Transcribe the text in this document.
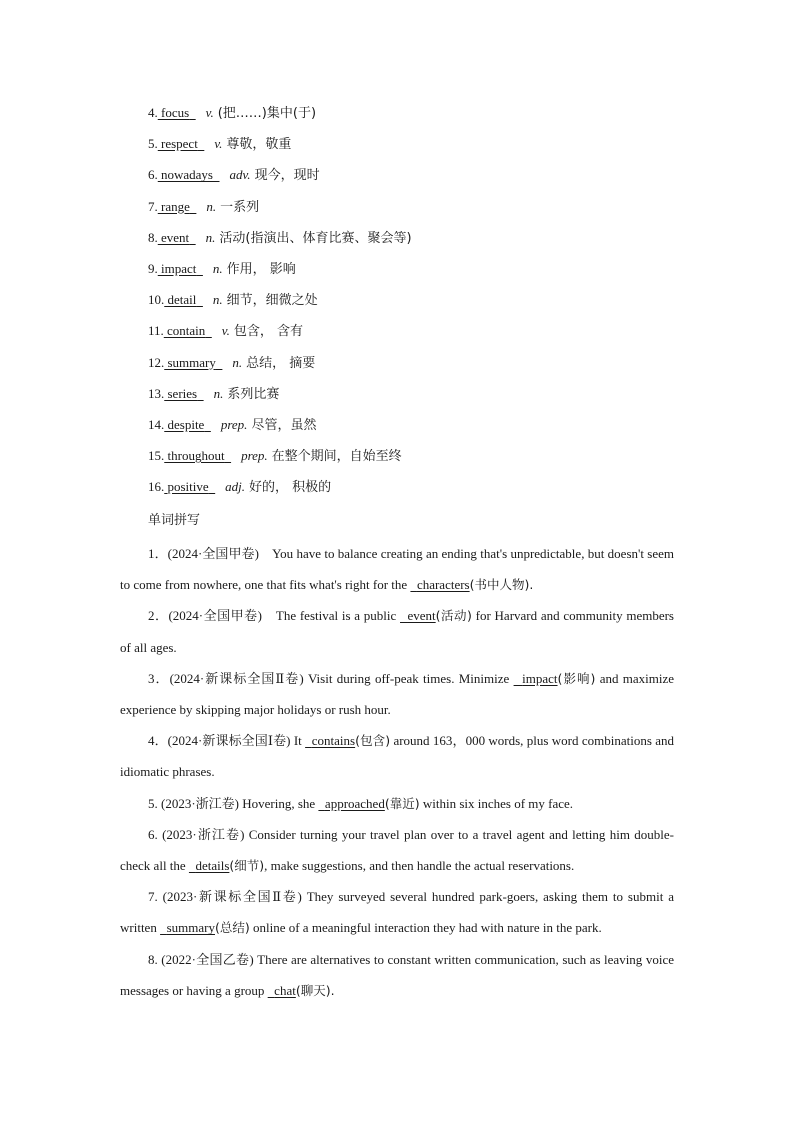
4. focus v. (把……)集中(于)
5. respect v. 尊敬，敬重
6. nowadays adv. 现今，现时
7. range n. 一系列
8. event n. 活动(指演出、体育比赛、聚会等)
9. impact n. 作用， 影响
10. detail n. 细节，细微之处
11. contain v. 包含， 含有
12. summary n. 总结， 摘要
13. series n. 系列比赛
14. despite prep. 尽管，虽然
15. throughout prep. 在整个期间，自始至终
16. positive adj. 好的， 积极的
单词拼写

1．(2024·全国甲卷)　You have to balance creating an ending that's unpredictable, but doesn't seem to come from nowhere, one that fits what's right for the   characters(书中人物).

2．(2024·全国甲卷)　The festival is a public   event(活动) for Harvard and community members of all ages.

3．(2024·新课标全国Ⅱ卷) Visit during off-peak times. Minimize   impact(影响) and maximize experience by skipping major holidays or rush hour.

4．(2024·新课标全国Ⅰ卷) It   contains(包含) around 163，000 words, plus word combinations and idiomatic phrases.

5. (2023·浙江卷) Hovering, she   approached(靠近) within six inches of my face.

6. (2023·浙江卷) Consider turning your travel plan over to a travel agent and letting him double-check all the   details(细节), make suggestions, and then handle the actual reservations.

7. (2023·新课标全国Ⅱ卷) They surveyed several hundred park-goers, asking them to submit a written   summary(总结) online of a meaningful interaction they had with nature in the park.

8. (2022·全国乙卷) There are alternatives to constant written communication, such as leaving voice messages or having a group   chat(聊天).
